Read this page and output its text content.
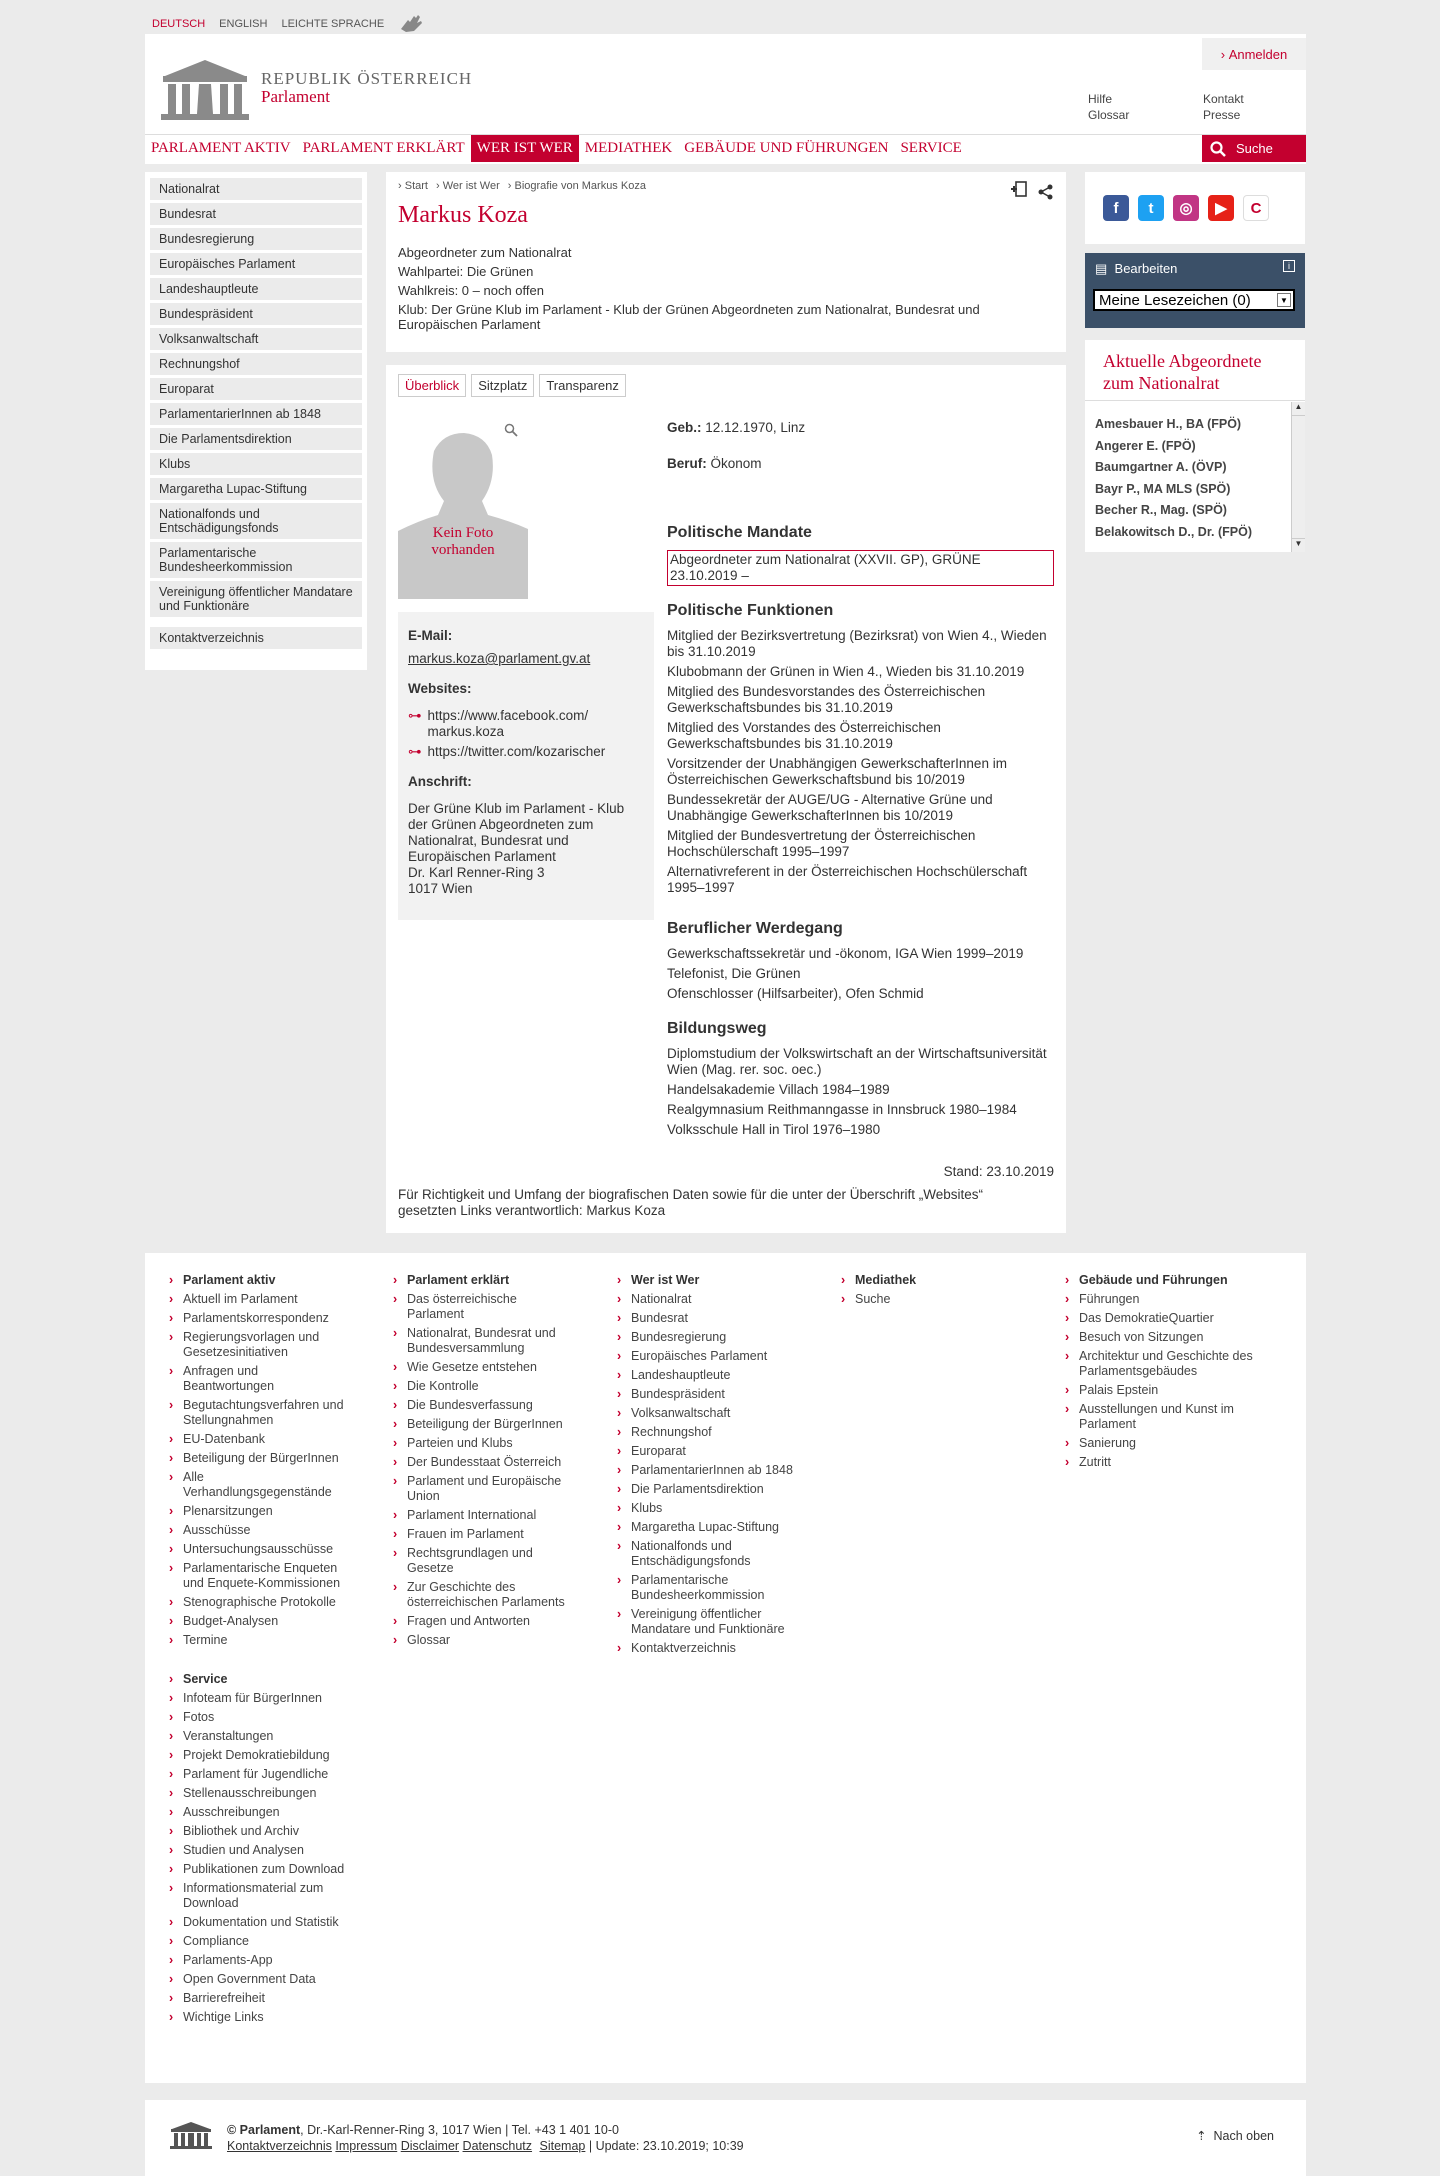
DEUTSCH ENGLISH LEICHTE SPRACHE
REPUBLIK ÖSTERREICH
Parlament
› Anmelden
Hilfe
Glossar
Kontakt
Presse
PARLAMENT AKTIV PARLAMENT ERKLÄRT WER IST WER MEDIATHEK GEBÄUDE UND FÜHRUNGEN SERVICE	Suche
Nationalrat
Bundesrat
Bundesregierung
Europäisches Parlament
Landeshauptleute
Bundespräsident
Volksanwaltschaft
Rechnungshof
Europarat
ParlamentarierInnen ab 1848
Die Parlamentsdirektion
Klubs
Margaretha Lupac-Stiftung
Nationalfonds und Entschädigungsfonds
Parlamentarische Bundesheerkommission
Vereinigung öffentlicher Mandatare und Funktionäre
Kontaktverzeichnis
› Start › Wer ist Wer › Biografie von Markus Koza
Markus Koza
Abgeordneter zum Nationalrat
Wahlpartei: Die Grünen
Wahlkreis: 0 – noch offen
Klub: Der Grüne Klub im Parlament - Klub der Grünen Abgeordneten zum Nationalrat, Bundesrat und Europäischen Parlament
Überblick	Sitzplatz	Transparenz
Kein Foto vorhanden
E-Mail:
markus.koza@parlament.gv.at
Websites:
⊶ https://www.facebook.com/ markus.koza
⊶ https://twitter.com/kozarischer
Anschrift:
Der Grüne Klub im Parlament - Klub der Grünen Abgeordneten zum Nationalrat, Bundesrat und Europäischen Parlament
Dr. Karl Renner-Ring 3
1017 Wien
Geb.: 12.12.1970, Linz
Beruf: Ökonom
Politische Mandate
Abgeordneter zum Nationalrat (XXVII. GP), GRÜNE 23.10.2019 –
Politische Funktionen
Mitglied der Bezirksvertretung (Bezirksrat) von Wien 4., Wieden bis 31.10.2019
Klubobmann der Grünen in Wien 4., Wieden bis 31.10.2019
Mitglied des Bundesvorstandes des Österreichischen Gewerkschaftsbundes bis 31.10.2019
Mitglied des Vorstandes des Österreichischen Gewerkschaftsbundes bis 31.10.2019
Vorsitzender der Unabhängigen GewerkschafterInnen im Österreichischen Gewerkschaftsbund bis 10/2019
Bundessekretär der AUGE/UG - Alternative Grüne und Unabhängige GewerkschafterInnen bis 10/2019
Mitglied der Bundesvertretung der Österreichischen Hochschülerschaft 1995–1997
Alternativreferent in der Österreichischen Hochschülerschaft 1995–1997
Beruflicher Werdegang
Gewerkschaftssekretär und -ökonom, IGA Wien 1999–2019
Telefonist, Die Grünen
Ofenschlosser (Hilfsarbeiter), Ofen Schmid
Bildungsweg
Diplomstudium der Volkswirtschaft an der Wirtschaftsuniversität Wien (Mag. rer. soc. oec.)
Handelsakademie Villach 1984–1989
Realgymnasium Reithmanngasse in Innsbruck 1980–1984
Volksschule Hall in Tirol 1976–1980
Stand: 23.10.2019
Für Richtigkeit und Umfang der biografischen Daten sowie für die unter der Überschrift „Websites“ gesetzten Links verantwortlich: Markus Koza
f	t	◎	▶	C
▤ Bearbeiten	i
Meine Lesezeichen (0)	▼
Aktuelle Abgeordnete zum Nationalrat
Amesbauer H., BA (FPÖ)
Angerer E. (FPÖ)
Baumgartner A. (ÖVP)
Bayr P., MA MLS (SPÖ)
Becher R., Mag. (SPÖ)
Belakowitsch D., Dr. (FPÖ)
▲
▼
› Parlament aktiv
› Aktuell im Parlament
› Parlamentskorrespondenz
› Regierungsvorlagen und Gesetzesinitiativen
› Anfragen und Beantwortungen
› Begutachtungsverfahren und Stellungnahmen
› EU-Datenbank
› Beteiligung der BürgerInnen
› Alle Verhandlungsgegenstände
› Plenarsitzungen
› Ausschüsse
› Untersuchungsausschüsse
› Parlamentarische Enqueten und Enquete-Kommissionen
› Stenographische Protokolle
› Budget-Analysen
› Termine
› Service
› Infoteam für BürgerInnen
› Fotos
› Veranstaltungen
› Projekt Demokratiebildung
› Parlament für Jugendliche
› Stellenausschreibungen
› Ausschreibungen
› Bibliothek und Archiv
› Studien und Analysen
› Publikationen zum Download
› Informationsmaterial zum Download
› Dokumentation und Statistik
› Compliance
› Parlaments-App
› Open Government Data
› Barrierefreiheit
› Wichtige Links
› Parlament erklärt
› Das österreichische Parlament
› Nationalrat, Bundesrat und Bundesversammlung
› Wie Gesetze entstehen
› Die Kontrolle
› Die Bundesverfassung
› Beteiligung der BürgerInnen
› Parteien und Klubs
› Der Bundesstaat Österreich
› Parlament und Europäische Union
› Parlament International
› Frauen im Parlament
› Rechtsgrundlagen und Gesetze
› Zur Geschichte des österreichischen Parlaments
› Fragen und Antworten
› Glossar
› Wer ist Wer
› Nationalrat
› Bundesrat
› Bundesregierung
› Europäisches Parlament
› Landeshauptleute
› Bundespräsident
› Volksanwaltschaft
› Rechnungshof
› Europarat
› ParlamentarierInnen ab 1848
› Die Parlamentsdirektion
› Klubs
› Margaretha Lupac-Stiftung
› Nationalfonds und Entschädigungsfonds
› Parlamentarische Bundesheerkommission
› Vereinigung öffentlicher Mandatare und Funktionäre
› Kontaktverzeichnis
› Mediathek
› Suche
› Gebäude und Führungen
› Führungen
› Das DemokratieQuartier
› Besuch von Sitzungen
› Architektur und Geschichte des Parlamentsgebäudes
› Palais Epstein
› Ausstellungen und Kunst im Parlament
› Sanierung
› Zutritt
© Parlament, Dr.-Karl-Renner-Ring 3, 1017 Wien | Tel. +43 1 401 10-0
Kontaktverzeichnis Impressum Disclaimer Datenschutz Sitemap | Update: 23.10.2019; 10:39
⇡ Nach oben
